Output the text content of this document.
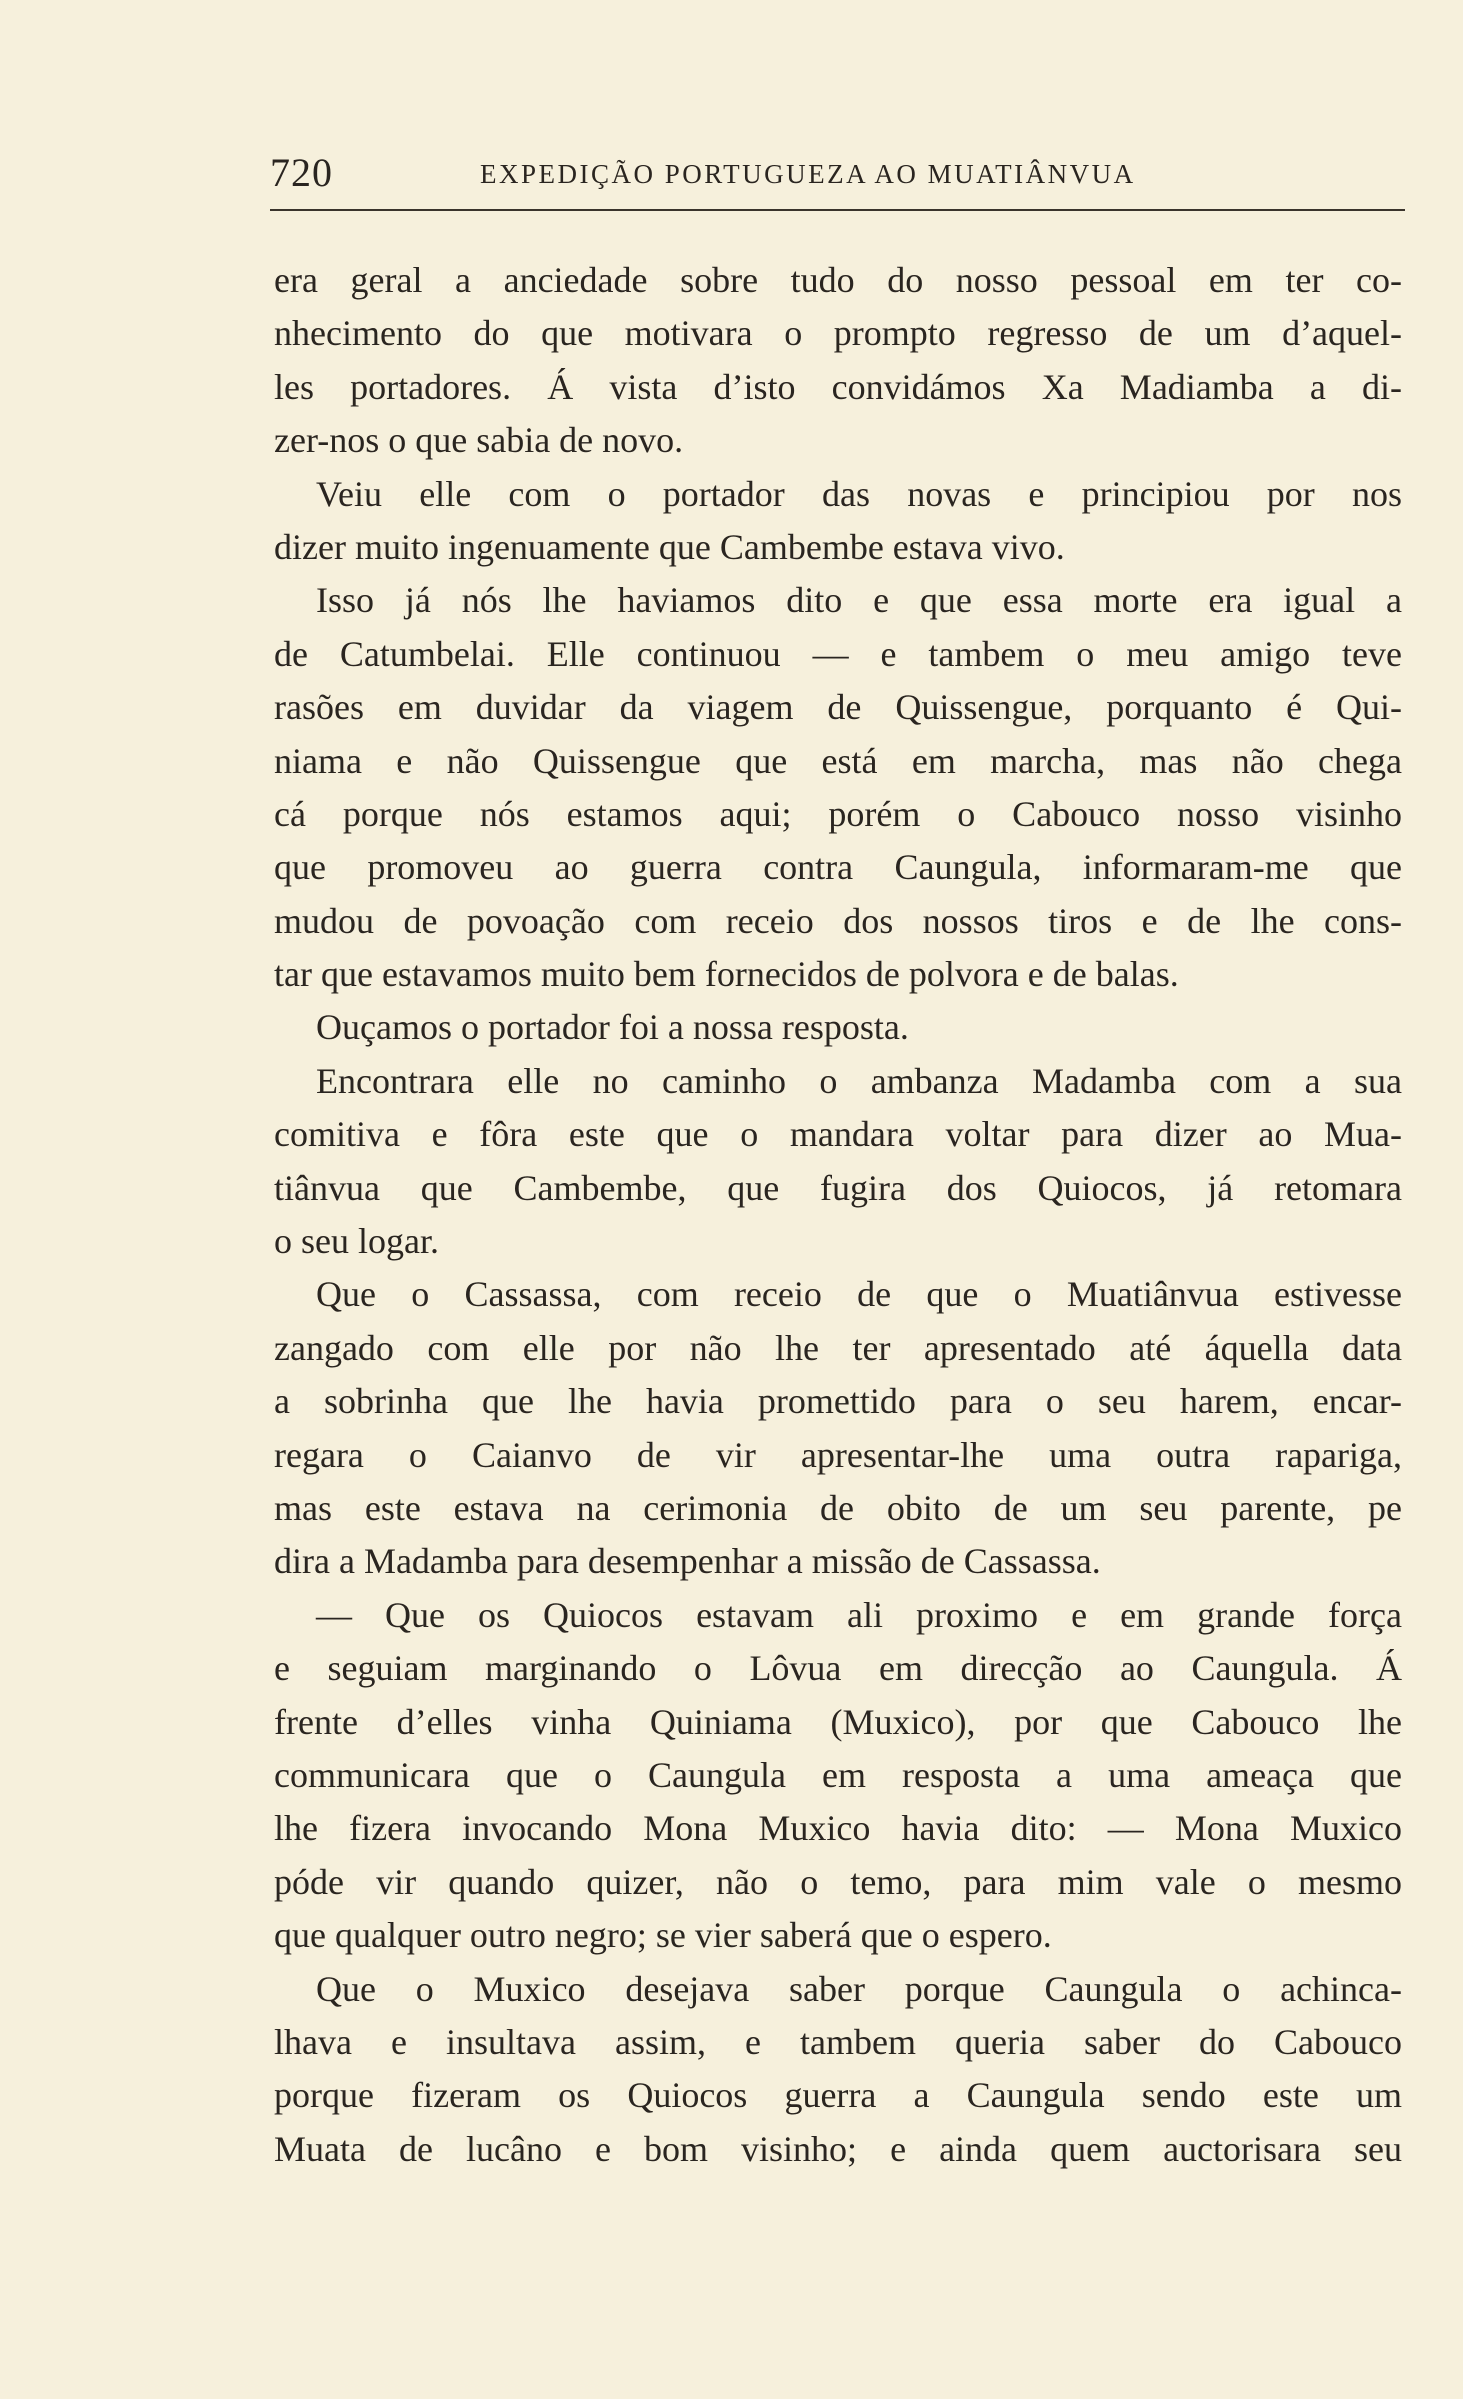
720	EXPEDIÇÃO PORTUGUEZA AO MUATIÂNVUA
era geral a anciedade sobre tudo do nosso pessoal em ter co-
nhecimento do que motivara o prompto regresso de um d’aquel-
les portadores. Á vista d’isto convidámos Xa Madiamba a di-
zer-nos o que sabia de novo.
Veiu elle com o portador das novas e principiou por nos
dizer muito ingenuamente que Cambembe estava vivo.
Isso já nós lhe haviamos dito e que essa morte era igual a
de Catumbelai. Elle continuou — e tambem o meu amigo teve
rasões em duvidar da viagem de Quissengue, porquanto é Qui-
niama e não Quissengue que está em marcha, mas não chega
cá porque nós estamos aqui; porém o Cabouco nosso visinho
que promoveu ao guerra contra Caungula, informaram-me que
mudou de povoação com receio dos nossos tiros e de lhe cons-
tar que estavamos muito bem fornecidos de polvora e de balas.
Ouçamos o portador foi a nossa resposta.
Encontrara elle no caminho o ambanza Madamba com a sua
comitiva e fôra este que o mandara voltar para dizer ao Mua-
tiânvua que Cambembe, que fugira dos Quiocos, já retomara
o seu logar.
Que o Cassassa, com receio de que o Muatiânvua estivesse
zangado com elle por não lhe ter apresentado até áquella data
a sobrinha que lhe havia promettido para o seu harem, encar-
regara o Caianvo de vir apresentar-lhe uma outra rapariga,
mas este estava na cerimonia de obito de um seu parente, pe
dira a Madamba para desempenhar a missão de Cassassa.
— Que os Quiocos estavam ali proximo e em grande força
e seguiam marginando o Lôvua em direcção ao Caungula. Á
frente d’elles vinha Quiniama (Muxico), por que Cabouco lhe
communicara que o Caungula em resposta a uma ameaça que
lhe fizera invocando Mona Muxico havia dito: — Mona Muxico
póde vir quando quizer, não o temo, para mim vale o mesmo
que qualquer outro negro; se vier saberá que o espero.
Que o Muxico desejava saber porque Caungula o achinca-
lhava e insultava assim, e tambem queria saber do Cabouco
porque fizeram os Quiocos guerra a Caungula sendo este um
Muata de lucâno e bom visinho; e ainda quem auctorisara seu
